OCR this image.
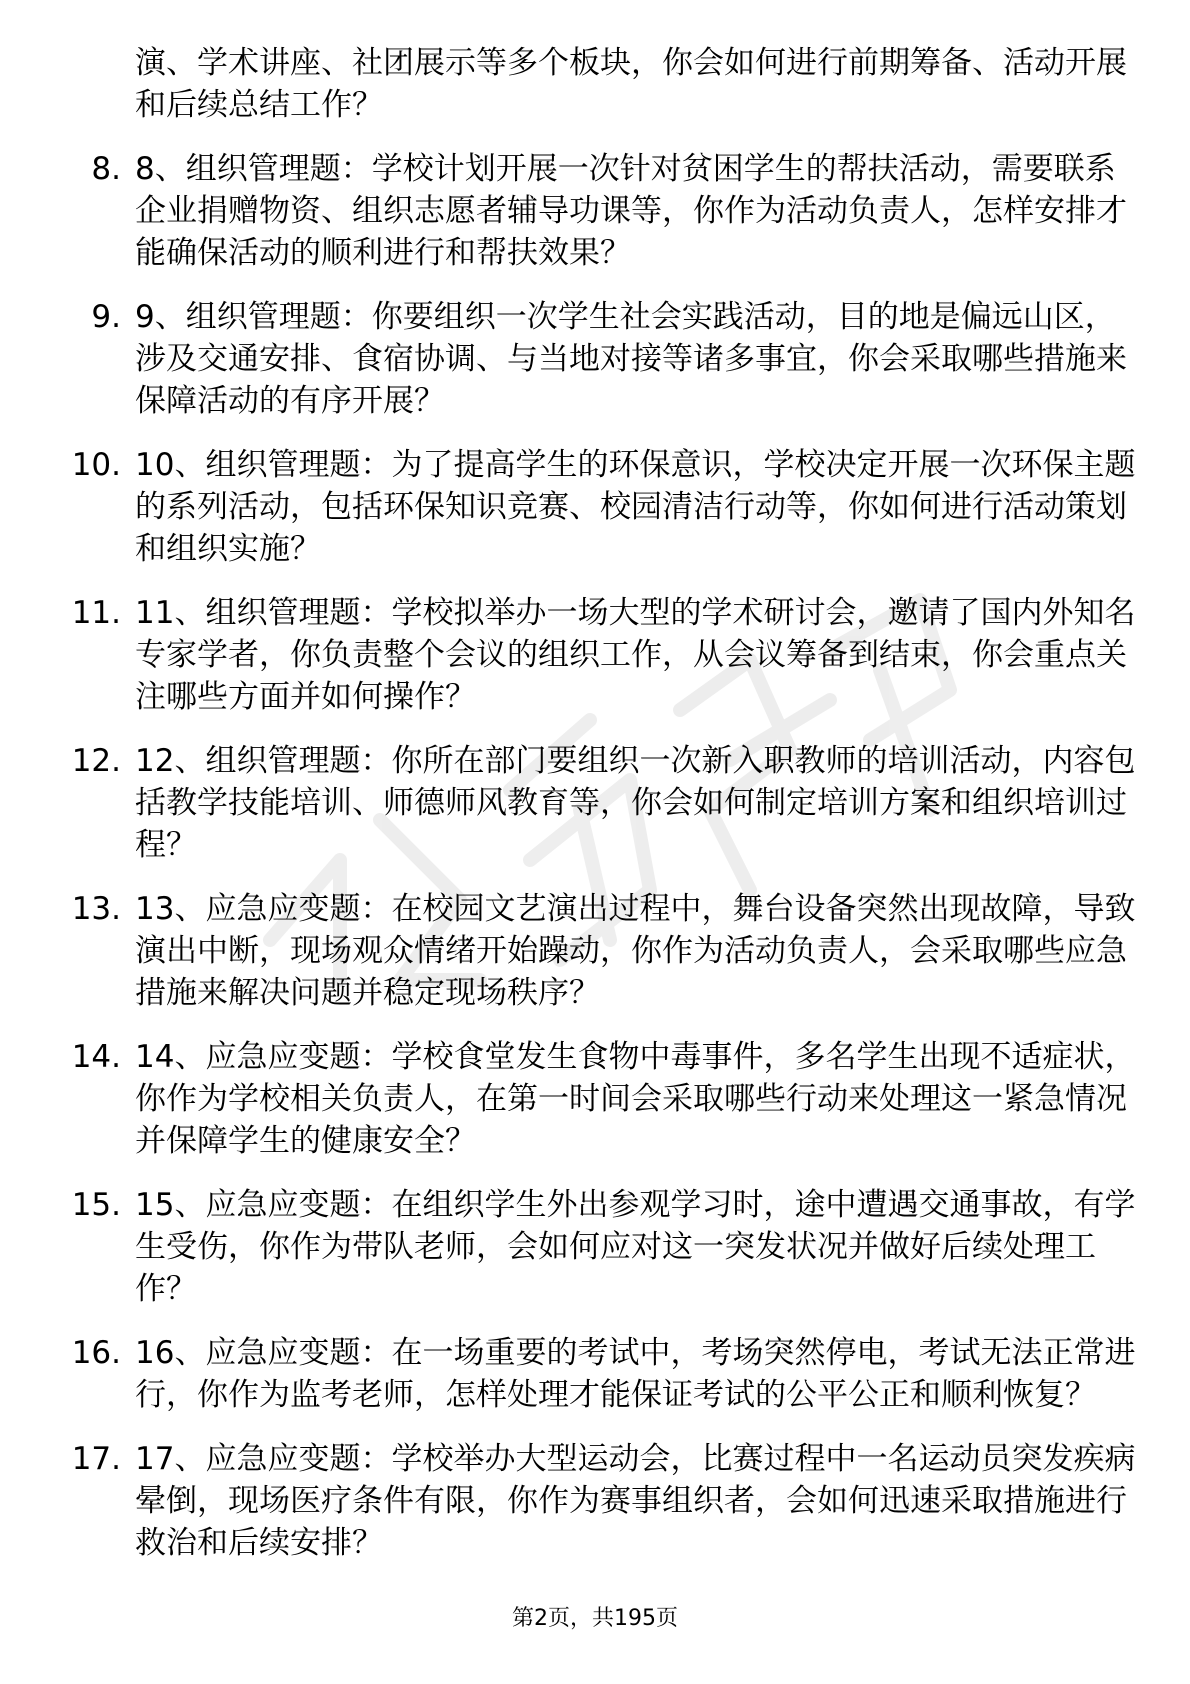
演、学术讲座、社团展示等多个板块，你会如何进行前期筹备、活动开展和后续总结工作？
8. 8、组织管理题：学校计划开展一次针对贫困学生的帮扶活动，需要联系企业捐赠物资、组织志愿者辅导功课等，你作为活动负责人，怎样安排才能确保活动的顺利进行和帮扶效果？
9. 9、组织管理题：你要组织一次学生社会实践活动，目的地是偏远山区，涉及交通安排、食宿协调、与当地对接等诸多事宜，你会采取哪些措施来保障活动的有序开展？
10. 10、组织管理题：为了提高学生的环保意识，学校决定开展一次环保主题的系列活动，包括环保知识竞赛、校园清洁行动等，你如何进行活动策划和组织实施？
11. 11、组织管理题：学校拟举办一场大型的学术研讨会，邀请了国内外知名专家学者，你负责整个会议的组织工作，从会议筹备到结束，你会重点关注哪些方面并如何操作？
12. 12、组织管理题：你所在部门要组织一次新入职教师的培训活动，内容包括教学技能培训、师德师风教育等，你会如何制定培训方案和组织培训过程？
13. 13、应急应变题：在校园文艺演出过程中，舞台设备突然出现故障，导致演出中断，现场观众情绪开始躁动，你作为活动负责人，会采取哪些应急措施来解决问题并稳定现场秩序？
14. 14、应急应变题：学校食堂发生食物中毒事件，多名学生出现不适症状，你作为学校相关负责人，在第一时间会采取哪些行动来处理这一紧急情况并保障学生的健康安全？
15. 15、应急应变题：在组织学生外出参观学习时，途中遭遇交通事故，有学生受伤，你作为带队老师，会如何应对这一突发状况并做好后续处理工作？
16. 16、应急应变题：在一场重要的考试中，考场突然停电，考试无法正常进行，你作为监考老师，怎样处理才能保证考试的公平公正和顺利恢复？
17. 17、应急应变题：学校举办大型运动会，比赛过程中一名运动员突发疾病晕倒，现场医疗条件有限，你作为赛事组织者，会如何迅速采取措施进行救治和后续安排？
第2页，共195页
